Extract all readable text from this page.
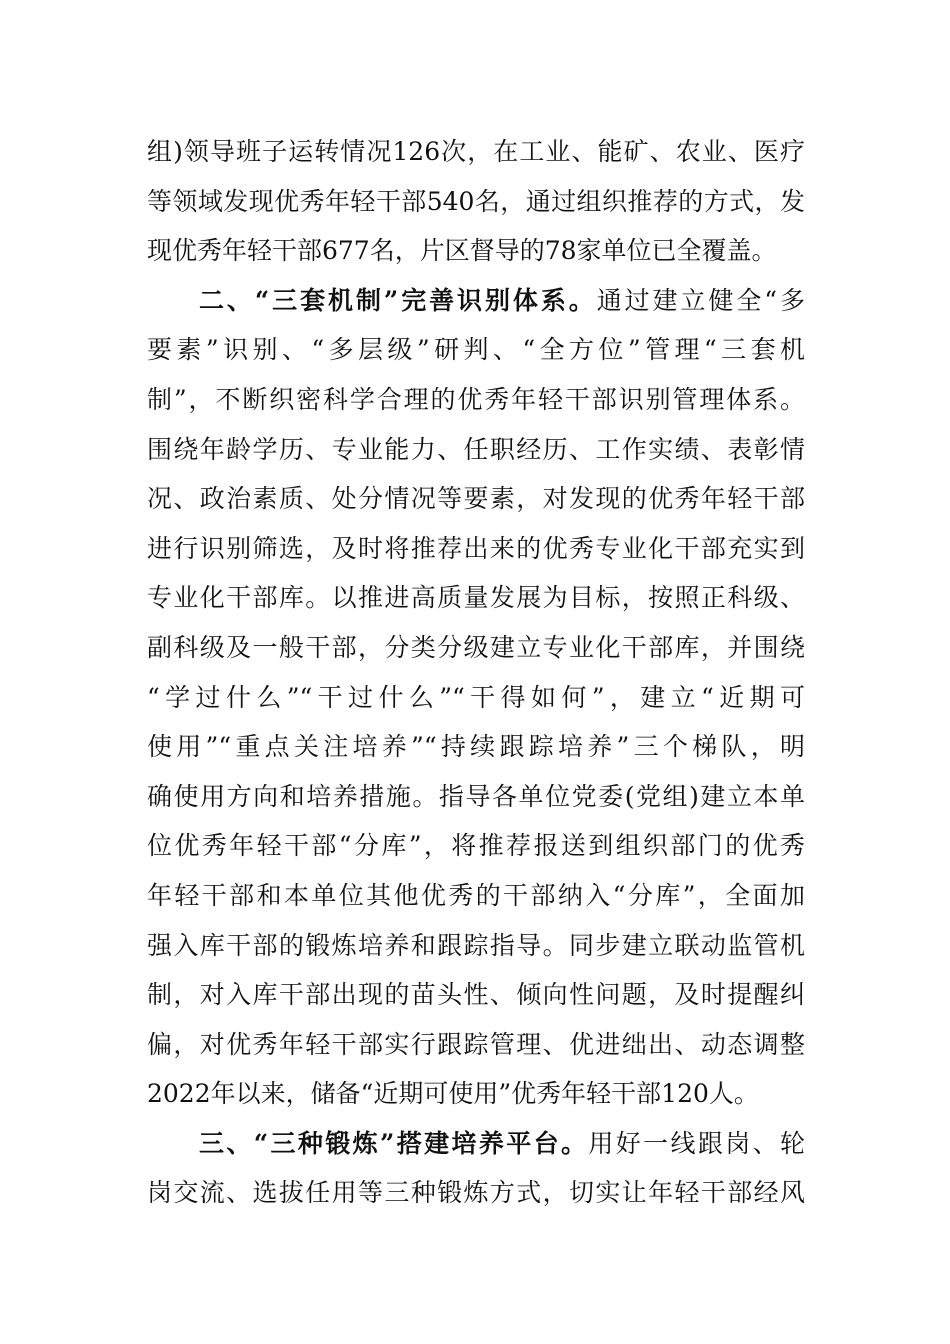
组)领导班子运转情况126次，在工业、能矿、农业、医疗
等领域发现优秀年轻干部540名，通过组织推荐的方式，发
现优秀年轻干部677名，片区督导的78家单位已全覆盖。
二、“三套机制”完善识别体系。通过建立健全“多
要素”识别、“多层级”研判、“全方位”管理“三套机
制”，不断织密科学合理的优秀年轻干部识别管理体系。
围绕年龄学历、专业能力、任职经历、工作实绩、表彰情
况、政治素质、处分情况等要素，对发现的优秀年轻干部
进行识别筛选，及时将推荐出来的优秀专业化干部充实到
专业化干部库。以推进高质量发展为目标，按照正科级、
副科级及一般干部，分类分级建立专业化干部库，并围绕
“学过什么”“干过什么”“干得如何”，建立“近期可
使用”“重点关注培养”“持续跟踪培养”三个梯队，明
确使用方向和培养措施。指导各单位党委(党组)建立本单
位优秀年轻干部“分库”，将推荐报送到组织部门的优秀
年轻干部和本单位其他优秀的干部纳入“分库”，全面加
强入库干部的锻炼培养和跟踪指导。同步建立联动监管机
制，对入库干部出现的苗头性、倾向性问题，及时提醒纠
偏，对优秀年轻干部实行跟踪管理、优进绌出、动态调整
2022年以来，储备“近期可使用”优秀年轻干部120人。
三、“三种锻炼”搭建培养平台。用好一线跟岗、轮
岗交流、选拔任用等三种锻炼方式，切实让年轻干部经风
